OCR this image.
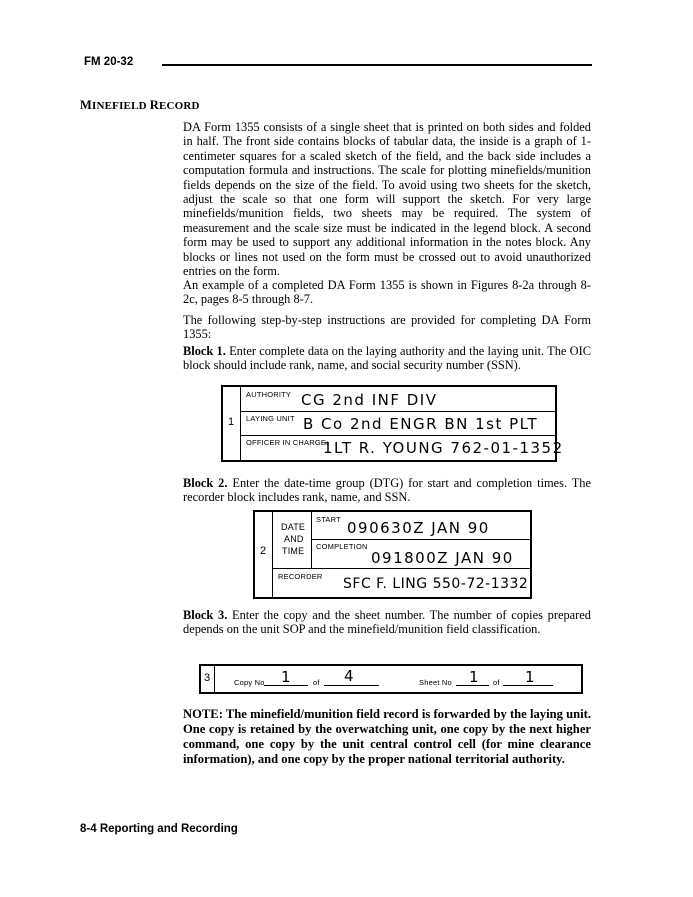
FM 20-32
MINEFIELD RECORD
DA Form 1355 consists of a single sheet that is printed on both sides and folded in half. The front side contains blocks of tabular data, the inside is a graph of 1-centimeter squares for a scaled sketch of the field, and the back side includes a computation formula and instructions. The scale for plotting minefields/munition fields depends on the size of the field. To avoid using two sheets for the sketch, adjust the scale so that one form will support the sketch. For very large minefields/munition fields, two sheets may be required. The system of measurement and the scale size must be indicated in the legend block. A second form may be used to support any additional information in the notes block. Any blocks or lines not used on the form must be crossed out to avoid unauthorized entries on the form.
An example of a completed DA Form 1355 is shown in Figures 8-2a through 8-2c, pages 8-5 through 8-7.
The following step-by-step instructions are provided for completing DA Form 1355:
Block 1. Enter complete data on the laying authority and the laying unit. The OIC block should include rank, name, and social security number (SSN).
1
AUTHORITY CG 2nd INF DIV
LAYING UNIT B Co 2nd ENGR BN 1st PLT
OFFICER IN CHARGE:
1LT R. YOUNG 762-01-1352
Block 2. Enter the date-time group (DTG) for start and completion times. The recorder block includes rank, name, and SSN.
2
DATE
AND
TIME
START 090630Z JAN 90
COMPLETION
091800Z JAN 90
RECORDER SFC F. LING 550-72-1332
Block 3. Enter the copy and the sheet number. The number of copies prepared depends on the unit SOP and the minefield/munition field classification.
3	Copy No 1	of 4	Sheet No 1 of 1
NOTE: The minefield/munition field record is forwarded by the laying unit. One copy is retained by the overwatching unit, one copy by the next higher command, one copy by the unit central control cell (for mine clearance information), and one copy by the proper national territorial authority.
8-4 Reporting and Recording
